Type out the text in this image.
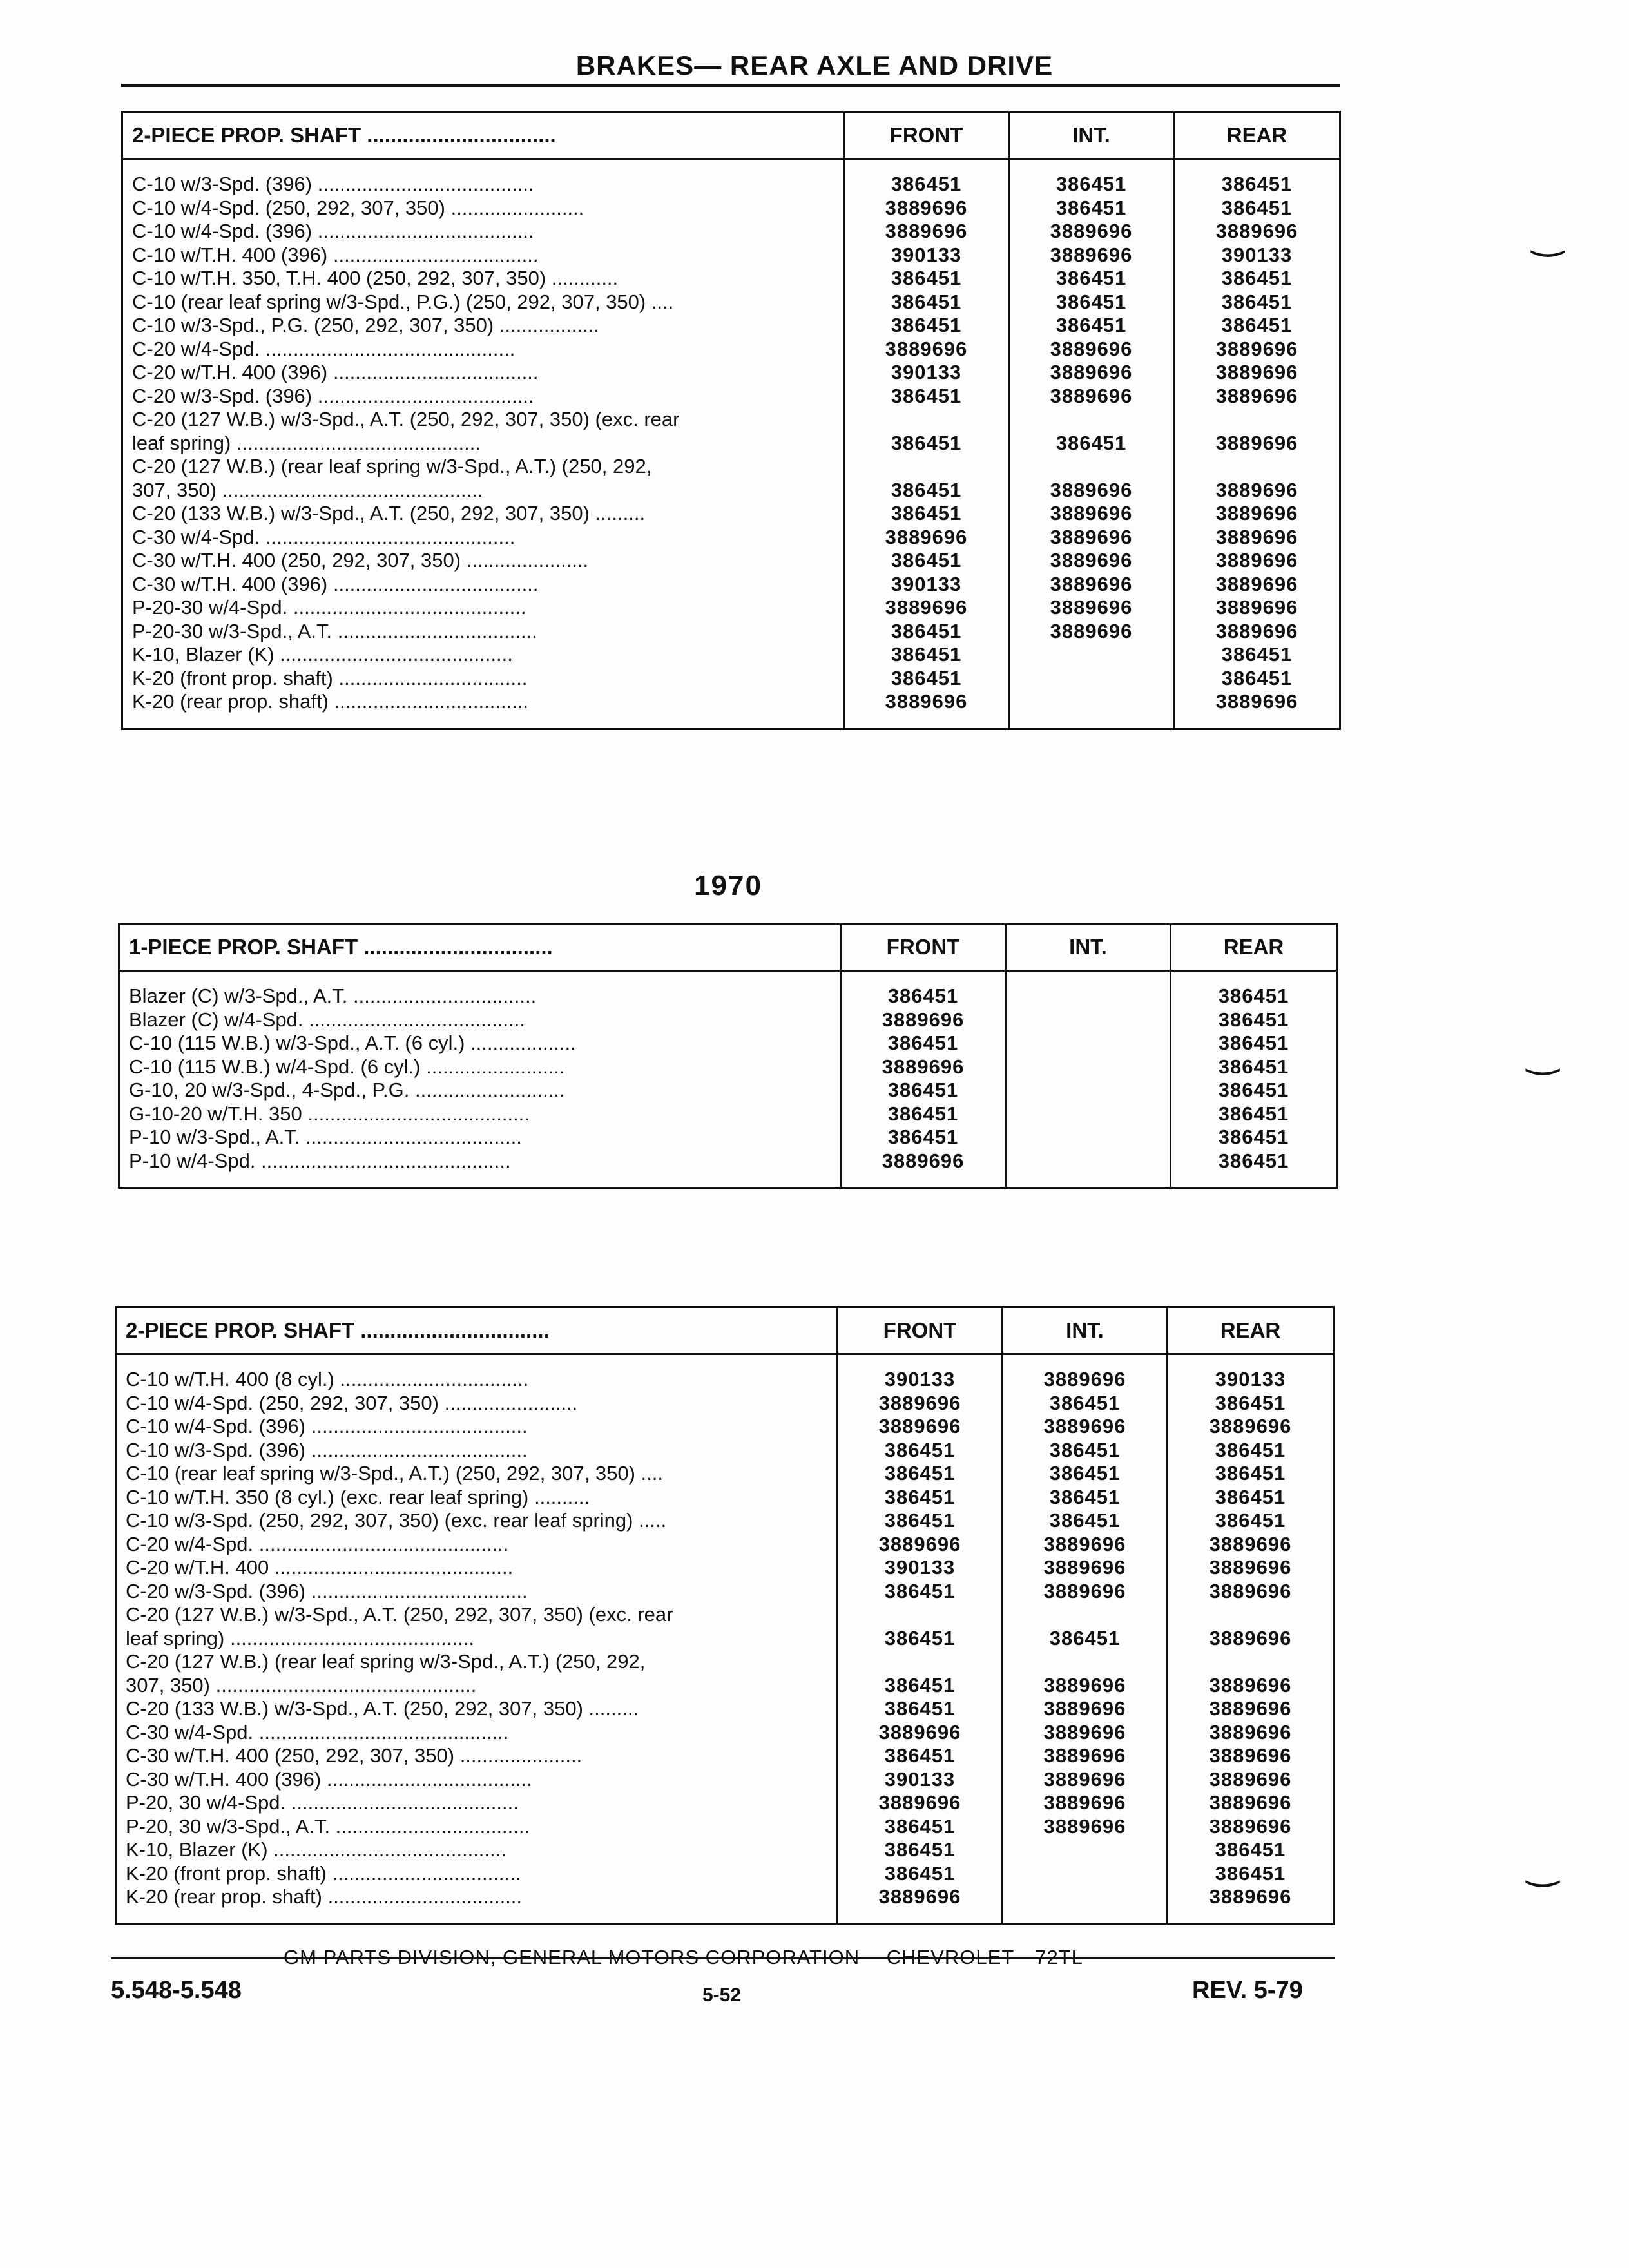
BRAKES— REAR AXLE AND DRIVE
2-PIECE PROP. SHAFT ................................	FRONT	INT.	REAR
C-10 w/3-Spd. (396) .......................................	386451	386451	386451
C-10 w/4-Spd. (250, 292, 307, 350) ........................	3889696	386451	386451
C-10 w/4-Spd. (396) .......................................	3889696	3889696	3889696
C-10 w/T.H. 400 (396) .....................................	390133	3889696	390133
C-10 w/T.H. 350, T.H. 400 (250, 292, 307, 350) ............	386451	386451	386451
C-10 (rear leaf spring w/3-Spd., P.G.) (250, 292, 307, 350) ....	386451	386451	386451
C-10 w/3-Spd., P.G. (250, 292, 307, 350) ..................	386451	386451	386451
C-20 w/4-Spd. .............................................	3889696	3889696	3889696
C-20 w/T.H. 400 (396) .....................................	390133	3889696	3889696
C-20 w/3-Spd. (396) .......................................	386451	3889696	3889696
C-20 (127 W.B.) w/3-Spd., A.T. (250, 292, 307, 350) (exc. rear			
leaf spring) ............................................	386451	386451	3889696
C-20 (127 W.B.) (rear leaf spring w/3-Spd., A.T.) (250, 292,			
307, 350) ...............................................	386451	3889696	3889696
C-20 (133 W.B.) w/3-Spd., A.T. (250, 292, 307, 350) .........	386451	3889696	3889696
C-30 w/4-Spd. .............................................	3889696	3889696	3889696
C-30 w/T.H. 400 (250, 292, 307, 350) ......................	386451	3889696	3889696
C-30 w/T.H. 400 (396) .....................................	390133	3889696	3889696
P-20-30 w/4-Spd. ..........................................	3889696	3889696	3889696
P-20-30 w/3-Spd., A.T. ....................................	386451	3889696	3889696
K-10, Blazer (K) ..........................................	386451		386451
K-20 (front prop. shaft) ..................................	386451		386451
K-20 (rear prop. shaft) ...................................	3889696		3889696
1970
1-PIECE PROP. SHAFT ................................	FRONT	INT.	REAR
Blazer (C) w/3-Spd., A.T. .................................	386451		386451
Blazer (C) w/4-Spd. .......................................	3889696		386451
C-10 (115 W.B.) w/3-Spd., A.T. (6 cyl.) ...................	386451		386451
C-10 (115 W.B.) w/4-Spd. (6 cyl.) .........................	3889696		386451
G-10, 20 w/3-Spd., 4-Spd., P.G. ...........................	386451		386451
G-10-20 w/T.H. 350 ........................................	386451		386451
P-10 w/3-Spd., A.T. .......................................	386451		386451
P-10 w/4-Spd. .............................................	3889696		386451
2-PIECE PROP. SHAFT ................................	FRONT	INT.	REAR
C-10 w/T.H. 400 (8 cyl.) ..................................	390133	3889696	390133
C-10 w/4-Spd. (250, 292, 307, 350) ........................	3889696	386451	386451
C-10 w/4-Spd. (396) .......................................	3889696	3889696	3889696
C-10 w/3-Spd. (396) .......................................	386451	386451	386451
C-10 (rear leaf spring w/3-Spd., A.T.) (250, 292, 307, 350) ....	386451	386451	386451
C-10 w/T.H. 350 (8 cyl.) (exc. rear leaf spring) ..........	386451	386451	386451
C-10 w/3-Spd. (250, 292, 307, 350) (exc. rear leaf spring) .....	386451	386451	386451
C-20 w/4-Spd. .............................................	3889696	3889696	3889696
C-20 w/T.H. 400 ...........................................	390133	3889696	3889696
C-20 w/3-Spd. (396) .......................................	386451	3889696	3889696
C-20 (127 W.B.) w/3-Spd., A.T. (250, 292, 307, 350) (exc. rear			
leaf spring) ............................................	386451	386451	3889696
C-20 (127 W.B.) (rear leaf spring w/3-Spd., A.T.) (250, 292,			
307, 350) ...............................................	386451	3889696	3889696
C-20 (133 W.B.) w/3-Spd., A.T. (250, 292, 307, 350) .........	386451	3889696	3889696
C-30 w/4-Spd. .............................................	3889696	3889696	3889696
C-30 w/T.H. 400 (250, 292, 307, 350) ......................	386451	3889696	3889696
C-30 w/T.H. 400 (396) .....................................	390133	3889696	3889696
P-20, 30 w/4-Spd. .........................................	3889696	3889696	3889696
P-20, 30 w/3-Spd., A.T. ...................................	386451	3889696	3889696
K-10, Blazer (K) ..........................................	386451		386451
K-20 (front prop. shaft) ..................................	386451		386451
K-20 (rear prop. shaft) ...................................	3889696		3889696
‿
‿
‿
GM PARTS DIVISION, GENERAL MOTORS CORPORATION —CHEVROLET—72TL
5.548-5.548	5-52	REV. 5-79
